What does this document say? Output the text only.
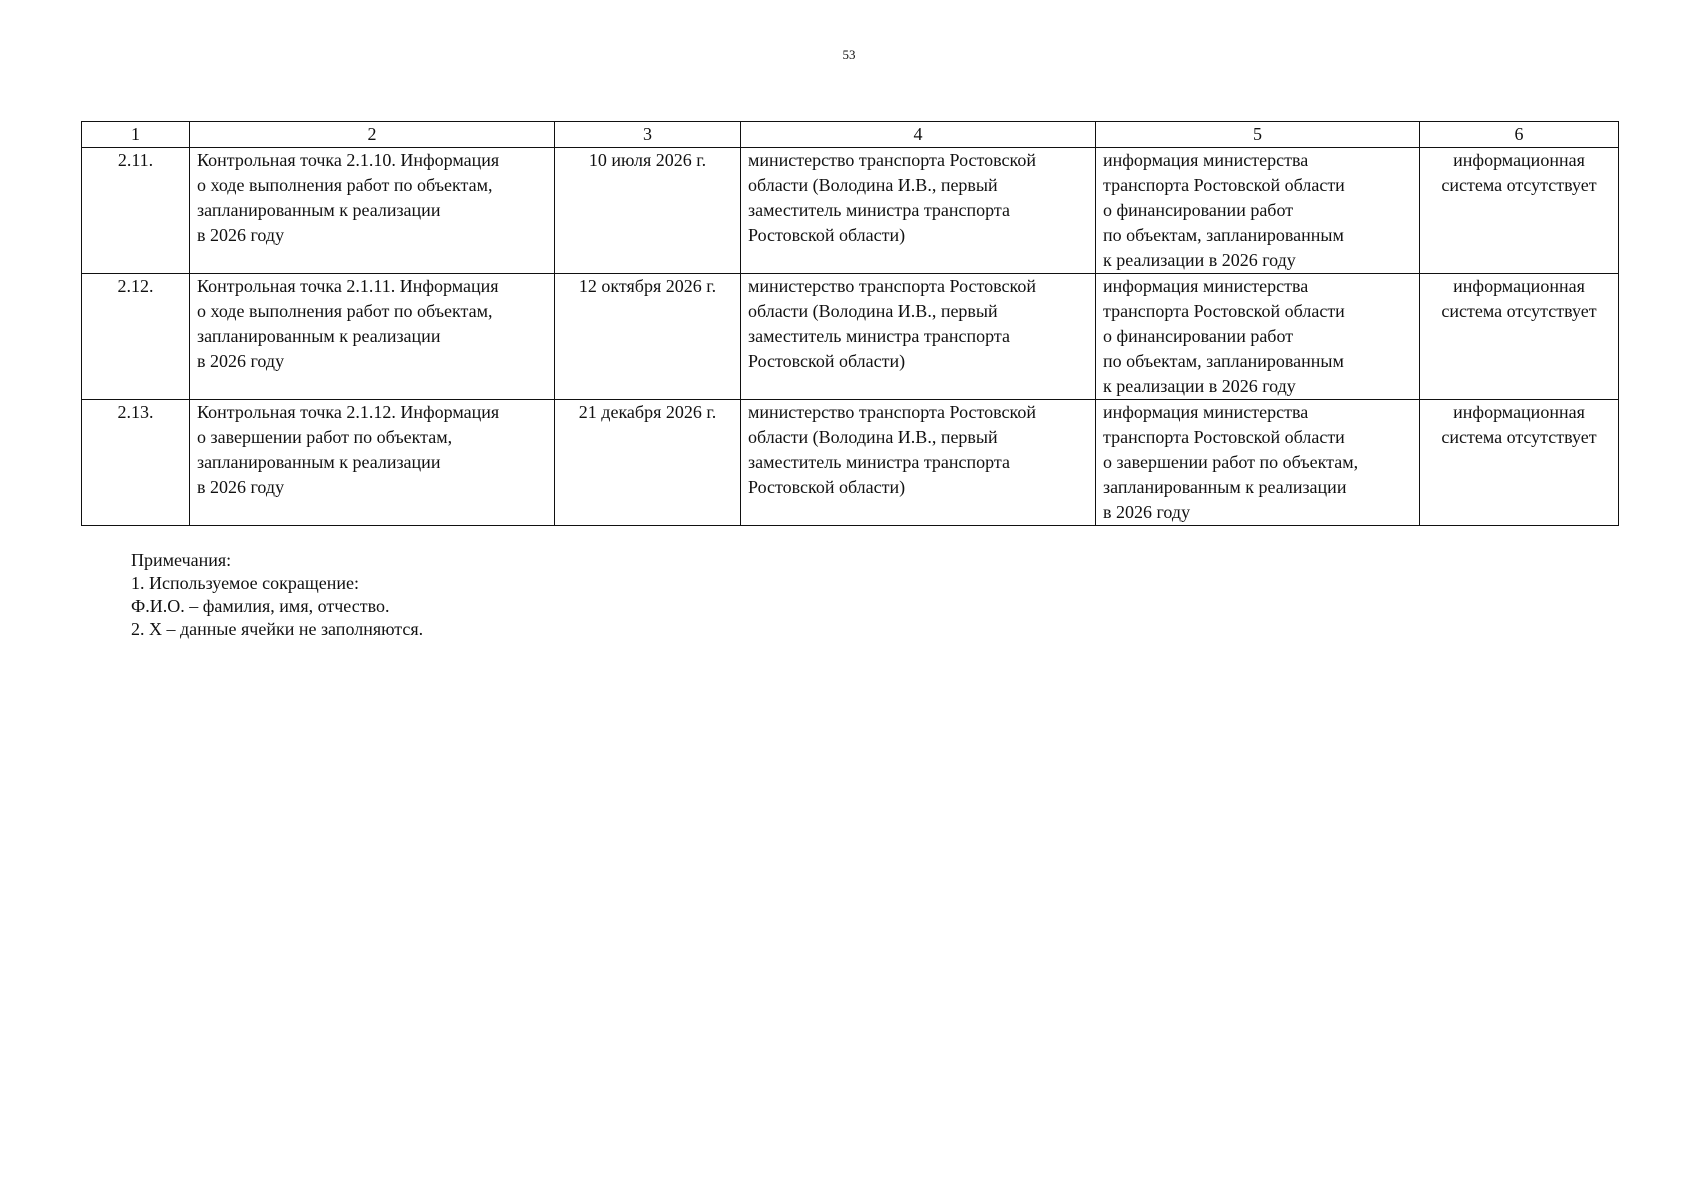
53
1	2	3	4	5	6
2.11.	Контрольная точка 2.1.10. Информация
о ходе выполнения работ по объектам,
запланированным к реализации
в 2026 году	10 июля 2026 г.	министерство транспорта Ростовской
области (Володина И.В., первый
заместитель министра транспорта
Ростовской области)	информация министерства
транспорта Ростовской области
о финансировании работ
по объектам, запланированным
к реализации в 2026 году	информационная
система отсутствует
2.12.	Контрольная точка 2.1.11. Информация
о ходе выполнения работ по объектам,
запланированным к реализации
в 2026 году	12 октября 2026 г.	министерство транспорта Ростовской
области (Володина И.В., первый
заместитель министра транспорта
Ростовской области)	информация министерства
транспорта Ростовской области
о финансировании работ
по объектам, запланированным
к реализации в 2026 году	информационная
система отсутствует
2.13.	Контрольная точка 2.1.12. Информация
о завершении работ по объектам,
запланированным к реализации
в 2026 году	21 декабря 2026 г.	министерство транспорта Ростовской
области (Володина И.В., первый
заместитель министра транспорта
Ростовской области)	информация министерства
транспорта Ростовской области
о завершении работ по объектам,
запланированным к реализации
в 2026 году	информационная
система отсутствует
Примечания:
1. Используемое сокращение:
Ф.И.О. – фамилия, имя, отчество.
2. X – данные ячейки не заполняются.
